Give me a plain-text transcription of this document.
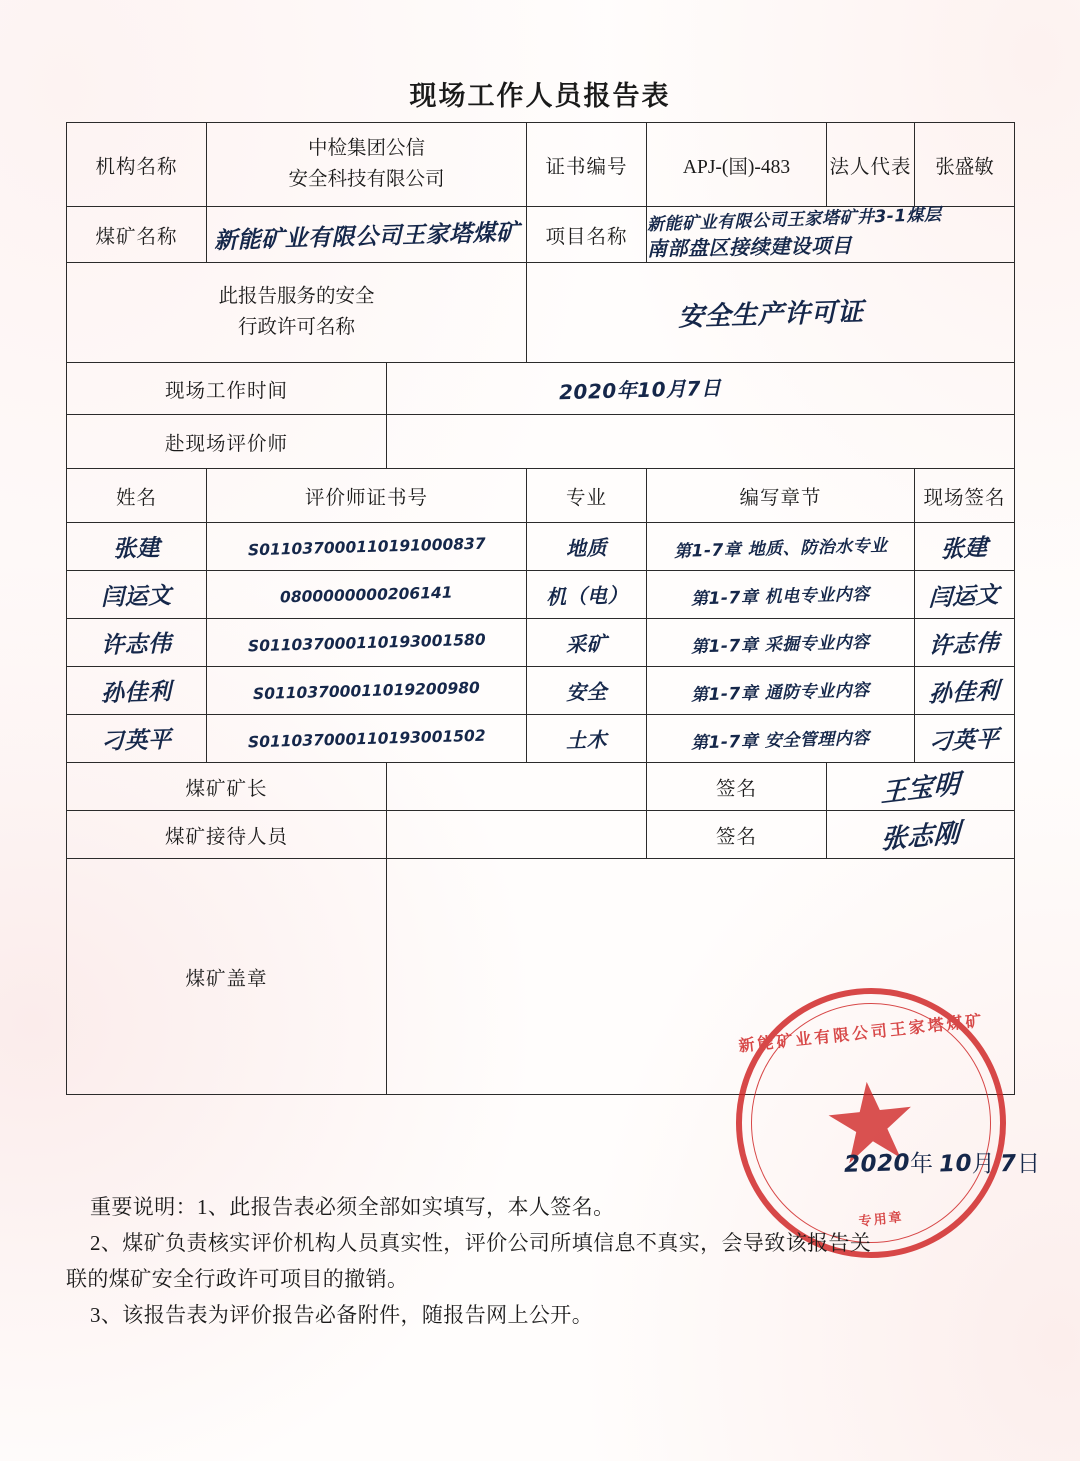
现场工作人员报告表
机构名称	中检集团公信
安全科技有限公司		证书编号	APJ-(国)-483	法人代表	张盛敏
煤矿名称	新能矿业有限公司王家塔煤矿		项目名称	新能矿业有限公司王家塔矿井3-1煤层 南部盘区接续建设项目		

此报告服务的安全
行政许可名称			安全生产许可证			
现场工作时间		2020年10月7日				
赴现场评价师						
姓名	评价师证书号		专业	编写章节		现场签名
张建	S011037000110191000837		地质	第1-7章 地质、防治水专业		张建
闫运文	0800000000206141		机（电）	第1-7章 机电专业内容		闫运文
许志伟	S011037000110193001580		采矿	第1-7章 采掘专业内容		许志伟
孙佳利	S01103700011019200980		安全	第1-7章 通防专业内容		孙佳利
刁英平	S011037000110193001502		土木	第1-7章 安全管理内容		刁英平
煤矿矿长				签名	王宝明	
煤矿接待人员				签名	张志刚	
煤矿盖章						
新能矿业有限公司王家塔煤矿
专用章
2020年 10月 7日

重要说明：1、此报告表必须全部如实填写，本人签名。

2、煤矿负责核实评价机构人员真实性，评价公司所填信息不真实，会导致该报告关

联的煤矿安全行政许可项目的撤销。

3、该报告表为评价报告必备附件，随报告网上公开。
